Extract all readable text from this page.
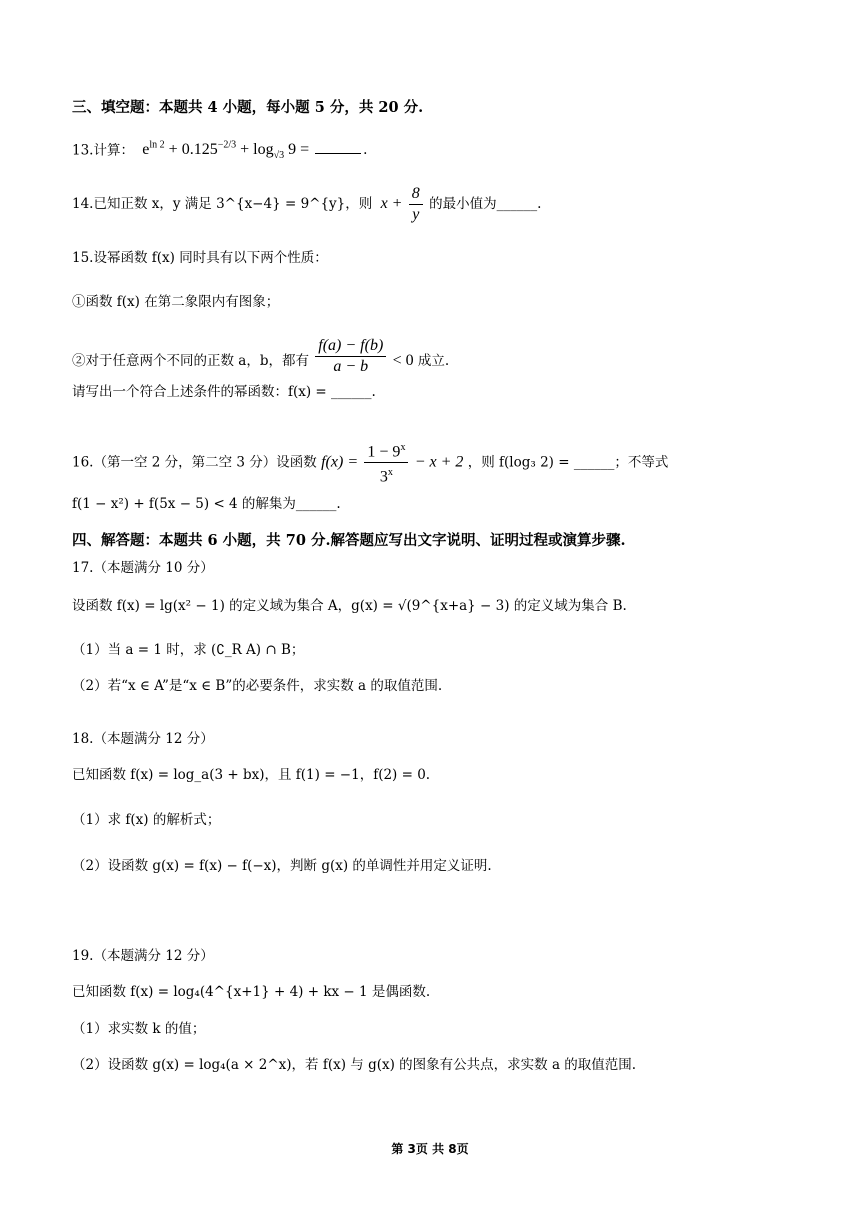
三、填空题：本题共 4 小题，每小题 5 分，共 20 分.
13.计算：  $e^{ln 2} + 0.125^{-2/3} + \log_{√3} 9$ =	.
14.已知正数 x，y 满足 3^{x−4} = 9^{y}，则  $x + \frac{8}{y}$ 的最小值为______.
15.设幂函数 f(x) 同时具有以下两个性质：
①函数 f(x) 在第二象限内有图象；
②对于任意两个不同的正数 a，b，都有 $\frac{f(a) - f(b)}{a - b} < 0$ 成立.
请写出一个符合上述条件的幂函数：f(x) = ______.
16.（第一空 2 分，第二空 3 分）设函数 $f(x) = \frac{1 - 9^x}{3^x} - x + 2$ ，则 f(log₃ 2) = ______；不等式
f(1 − x²) + f(5x − 5) < 4 的解集为______.
四、解答题：本题共 6 小题，共 70 分.解答题应写出文字说明、证明过程或演算步骤.
17.（本题满分 10 分）
设函数 f(x) = lg(x² − 1) 的定义域为集合 A，g(x) = √(9^{x+a} − 3) 的定义域为集合 B.
（1）当 a = 1 时，求 (∁_R A) ∩ B；
（2）若“x ∈ A”是“x ∈ B”的必要条件，求实数 a 的取值范围.
18.（本题满分 12 分）
已知函数 f(x) = log_a(3 + bx)，且 f(1) = −1，f(2) = 0.
（1）求 f(x) 的解析式；
（2）设函数 g(x) = f(x) − f(−x)，判断 g(x) 的单调性并用定义证明.
19.（本题满分 12 分）
已知函数 f(x) = log₄(4^{x+1} + 4) + kx − 1 是偶函数.
（1）求实数 k 的值；
（2）设函数 g(x) = log₄(a × 2^x)，若 f(x) 与 g(x) 的图象有公共点，求实数 a 的取值范围.
第 3页 共 8页
